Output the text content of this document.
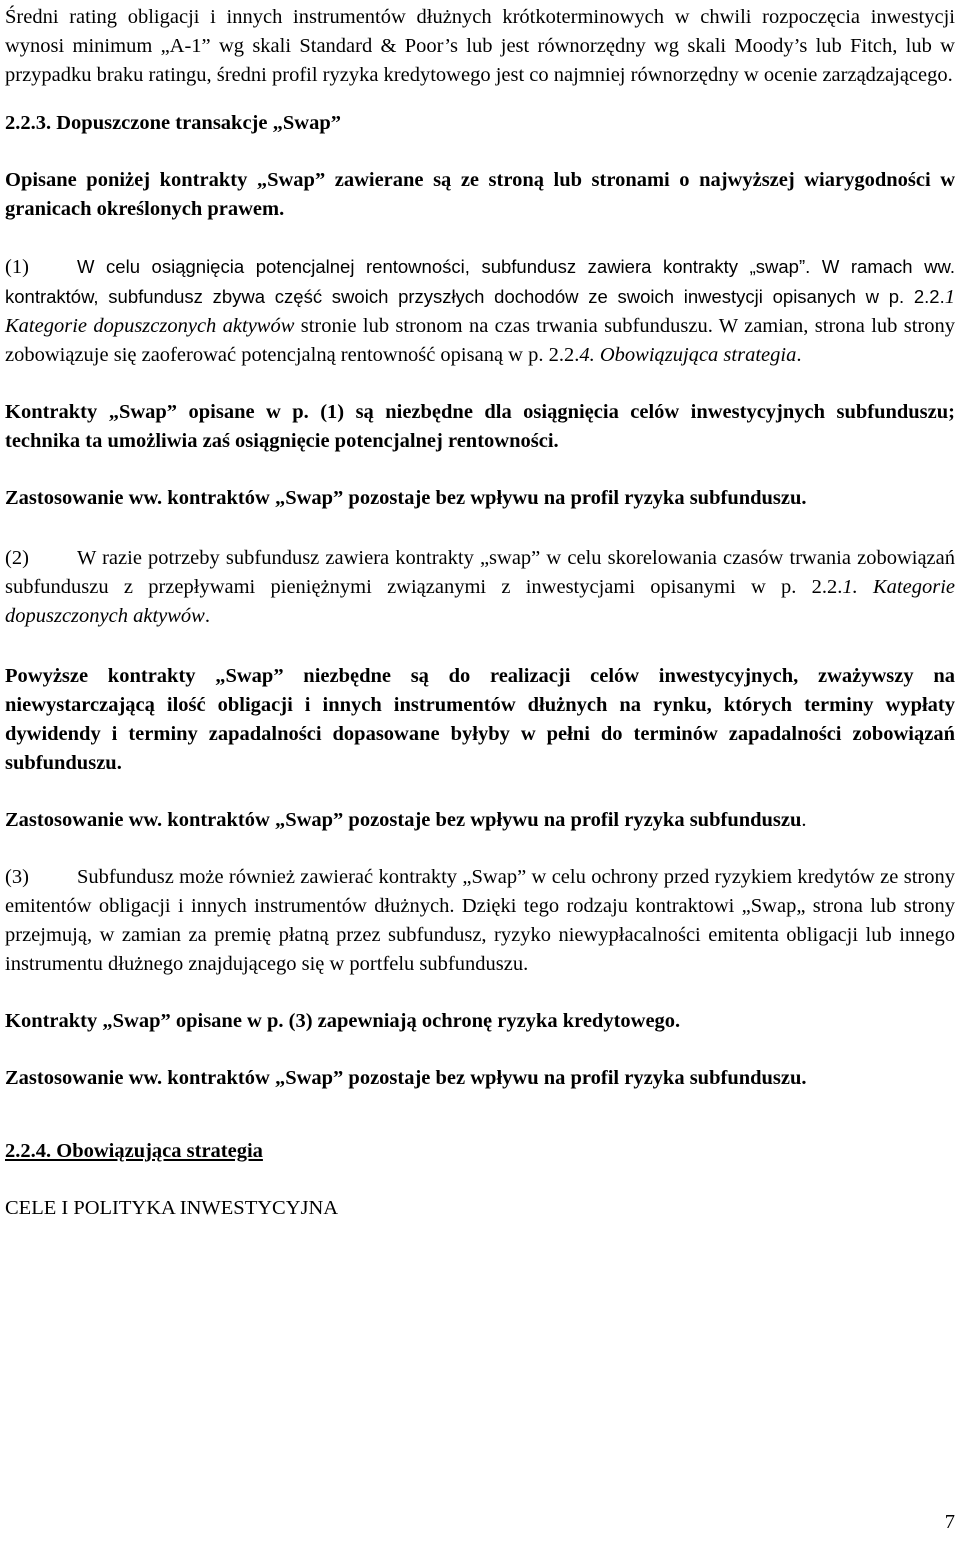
Średni rating obligacji i innych instrumentów dłużnych krótkoterminowych w chwili rozpoczęcia inwestycji wynosi minimum „A-1” wg skali Standard & Poor’s lub jest równorzędny wg skali Moody’s lub Fitch, lub w przypadku braku ratingu, średni profil ryzyka kredytowego jest co najmniej równorzędny w ocenie zarządzającego.

2.2.3. Dopuszczone transakcje „Swap”

Opisane poniżej kontrakty „Swap” zawierane są ze stroną lub stronami o najwyższej wiarygodności w granicach określonych prawem.

(1)	W celu osiągnięcia potencjalnej rentowności, subfundusz zawiera kontrakty „swap”. W ramach ww. kontraktów, subfundusz zbywa część swoich przyszłych dochodów ze swoich inwestycji opisanych w p. 2.2.1 Kategorie dopuszczonych aktywów stronie lub stronom na czas trwania subfunduszu. W zamian, strona lub strony zobowiązuje się zaoferować potencjalną rentowność opisaną w p. 2.2.4. Obowiązująca strategia.

Kontrakty „Swap” opisane w p. (1) są niezbędne dla osiągnięcia celów inwestycyjnych subfunduszu; technika ta umożliwia zaś osiągnięcie potencjalnej rentowności.

Zastosowanie ww. kontraktów „Swap” pozostaje bez wpływu na profil ryzyka subfunduszu.

(2) W razie potrzeby subfundusz zawiera kontrakty „swap” w celu skorelowania czasów trwania zobowiązań subfunduszu z przepływami pieniężnymi związanymi z inwestycjami opisanymi w p. 2.2.1. Kategorie dopuszczonych aktywów.

Powyższe kontrakty „Swap” niezbędne są do realizacji celów inwestycyjnych, zważywszy na niewystarczającą ilość obligacji i innych instrumentów dłużnych na rynku, których terminy wypłaty dywidendy i terminy zapadalności dopasowane byłyby w pełni do terminów zapadalności zobowiązań subfunduszu.

Zastosowanie ww. kontraktów „Swap” pozostaje bez wpływu na profil ryzyka subfunduszu.

(3) Subfundusz może również zawierać kontrakty „Swap” w celu ochrony przed ryzykiem kredytów ze strony emitentów obligacji i innych instrumentów dłużnych. Dzięki tego rodzaju kontraktowi „Swap„ strona lub strony przejmują, w zamian za premię płatną przez subfundusz, ryzyko niewypłacalności emitenta obligacji lub innego instrumentu dłużnego znajdującego się w portfelu subfunduszu.

Kontrakty „Swap” opisane w p. (3) zapewniają ochronę ryzyka kredytowego.

Zastosowanie ww. kontraktów „Swap” pozostaje bez wpływu na profil ryzyka subfunduszu.

2.2.4. Obowiązująca strategia

CELE I POLITYKA INWESTYCYJNA

7
